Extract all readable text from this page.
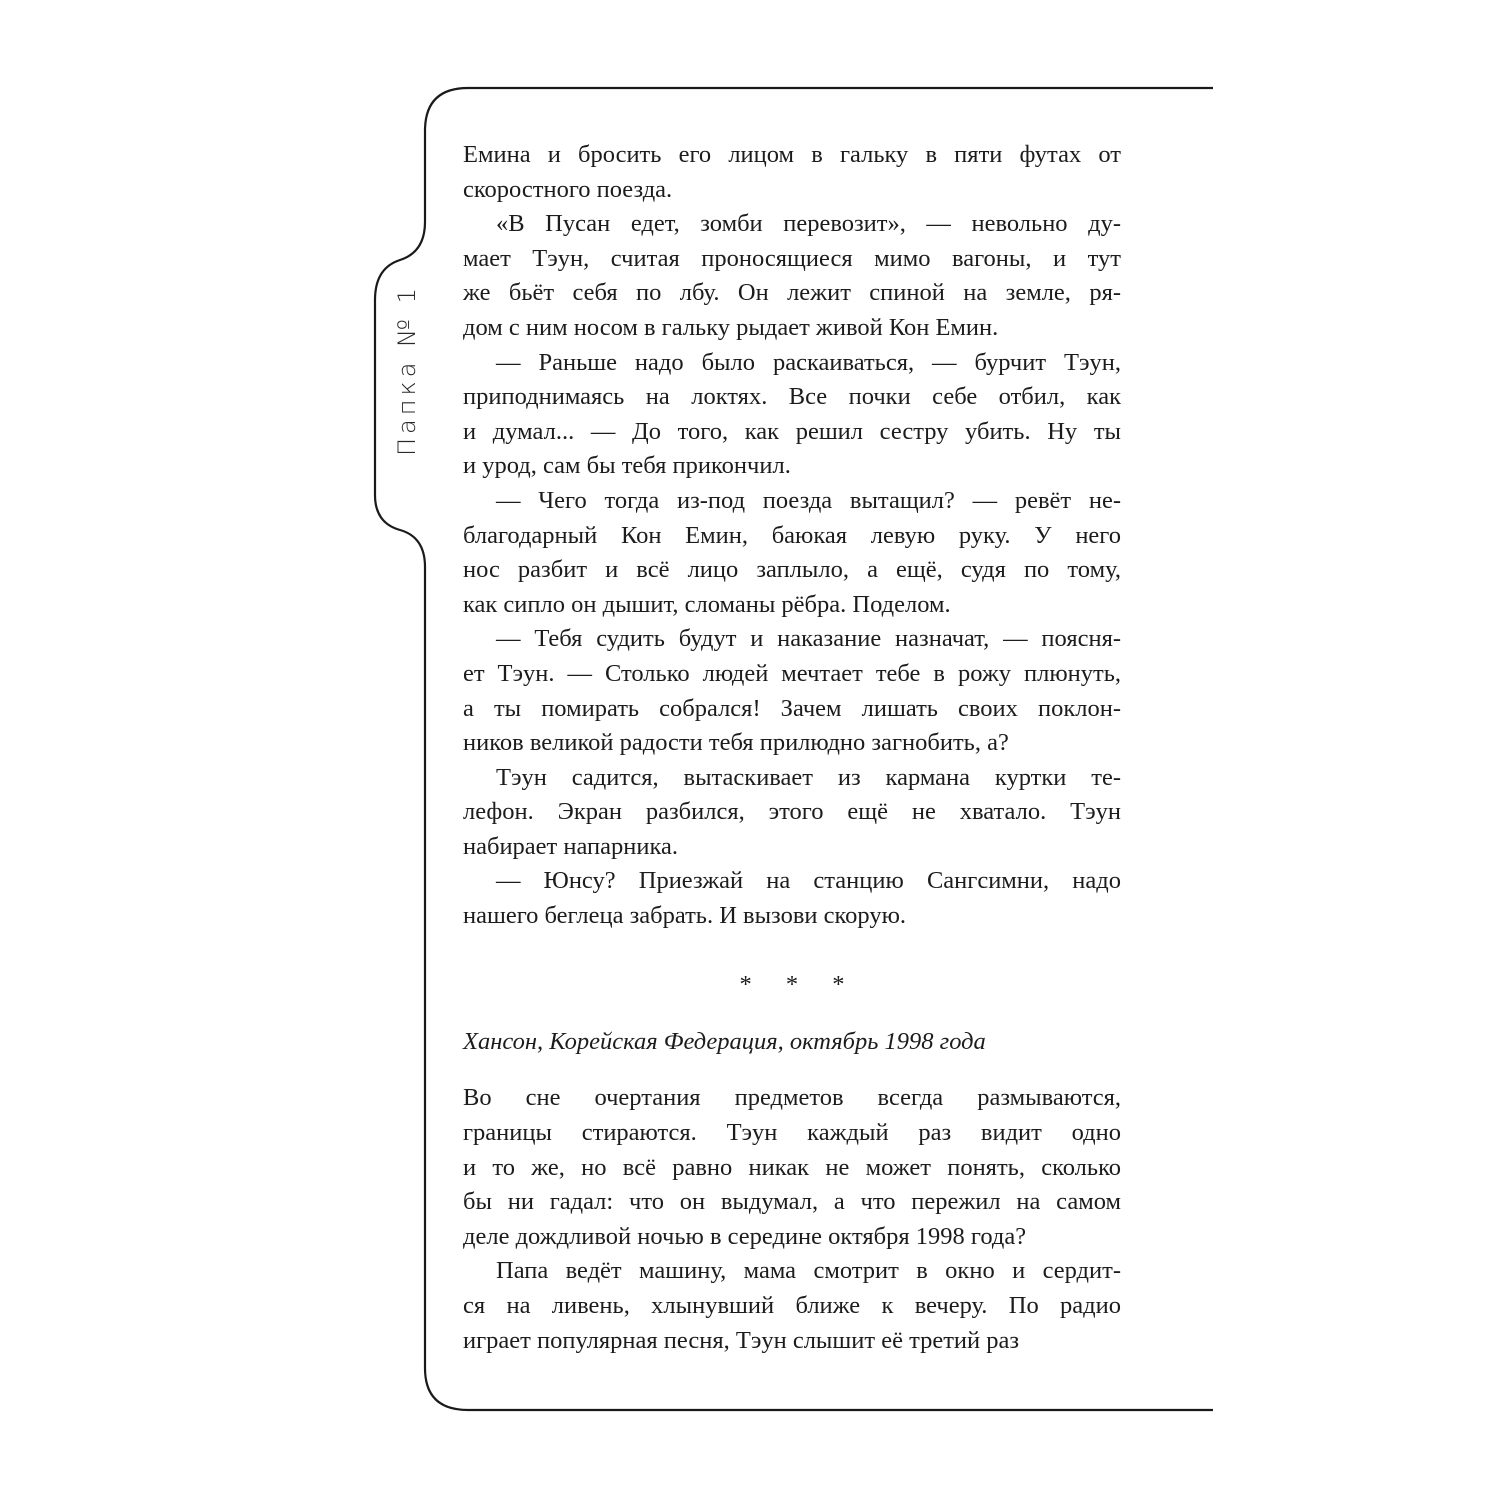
Папка № 1
Емина и бросить его лицом в гальку в пяти футах от
скоростного поезда.
«В Пусан едет, зомби перевозит», — невольно ду-
мает Тэун, считая проносящиеся мимо вагоны, и тут
же бьёт себя по лбу. Он лежит спиной на земле, ря-
дом с ним носом в гальку рыдает живой Кон Емин.
— Раньше надо было раскаиваться, — бурчит Тэун,
приподнимаясь на локтях. Все почки себе отбил, как
и думал... — До того, как решил сестру убить. Ну ты
и урод, сам бы тебя прикончил.
— Чего тогда из-под поезда вытащил? — ревёт не-
благодарный Кон Емин, баюкая левую руку. У него
нос разбит и всё лицо заплыло, а ещё, судя по тому,
как сипло он дышит, сломаны рёбра. Поделом.
— Тебя судить будут и наказание назначат, — поясня-
ет Тэун. — Столько людей мечтает тебе в рожу плюнуть,
а ты помирать собрался! Зачем лишать своих поклон-
ников великой радости тебя прилюдно загнобить, а?
Тэун садится, вытаскивает из кармана куртки те-
лефон. Экран разбился, этого ещё не хватало. Тэун
набирает напарника.
— Юнсу? Приезжай на станцию Сангсимни, надо
нашего беглеца забрать. И вызови скорую.
* * *
Хансон, Корейская Федерация, октябрь 1998 года
Во сне очертания предметов всегда размываются,
границы стираются. Тэун каждый раз видит одно
и то же, но всё равно никак не может понять, сколько
бы ни гадал: что он выдумал, а что пережил на самом
деле дождливой ночью в середине октября 1998 года?
Папа ведёт машину, мама смотрит в окно и сердит-
ся на ливень, хлынувший ближе к вечеру. По радио
играет популярная песня, Тэун слышит её третий раз
